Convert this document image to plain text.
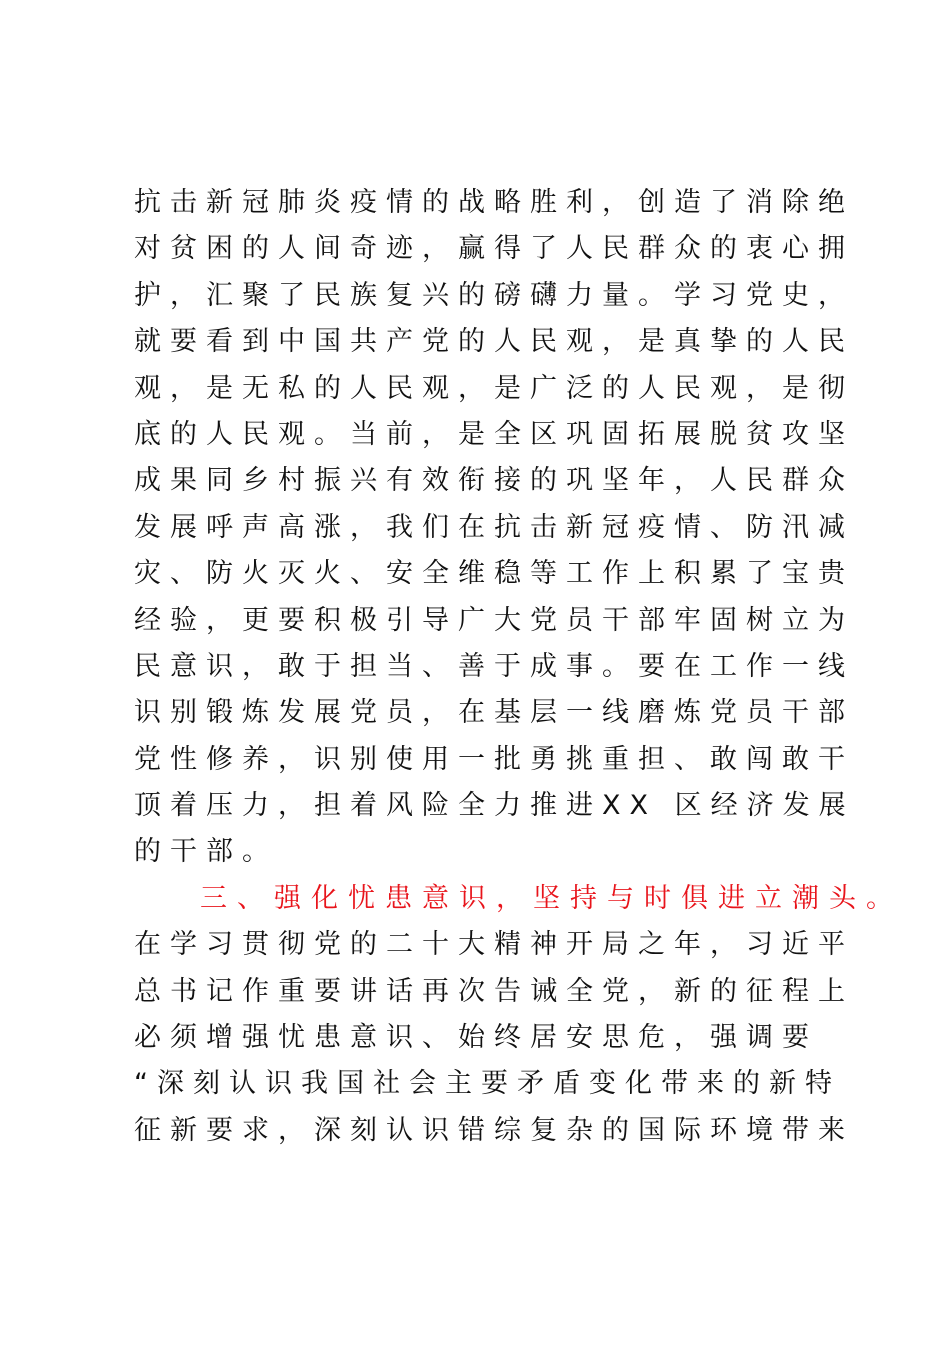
抗击新冠肺炎疫情的战略胜利，创造了消除绝
对贫困的人间奇迹，赢得了人民群众的衷心拥
护，汇聚了民族复兴的磅礴力量。学习党史，
就要看到中国共产党的人民观，是真挚的人民
观，是无私的人民观，是广泛的人民观，是彻
底的人民观。当前，是全区巩固拓展脱贫攻坚
成果同乡村振兴有效衔接的巩坚年，人民群众
发展呼声高涨，我们在抗击新冠疫情、防汛减
灾、防火灭火、安全维稳等工作上积累了宝贵
经验，更要积极引导广大党员干部牢固树立为
民意识，敢于担当、善于成事。要在工作一线
识别锻炼发展党员，在基层一线磨炼党员干部
党性修养，识别使用一批勇挑重担、敢闯敢干
顶着压力，担着风险全力推进XX 区经济发展
的干部。
三、强化忧患意识，坚持与时俱进立潮头。
在学习贯彻党的二十大精神开局之年，习近平
总书记作重要讲话再次告诫全党，新的征程上
必须增强忧患意识、始终居安思危，强调要
“深刻认识我国社会主要矛盾变化带来的新特
征新要求，深刻认识错综复杂的国际环境带来
